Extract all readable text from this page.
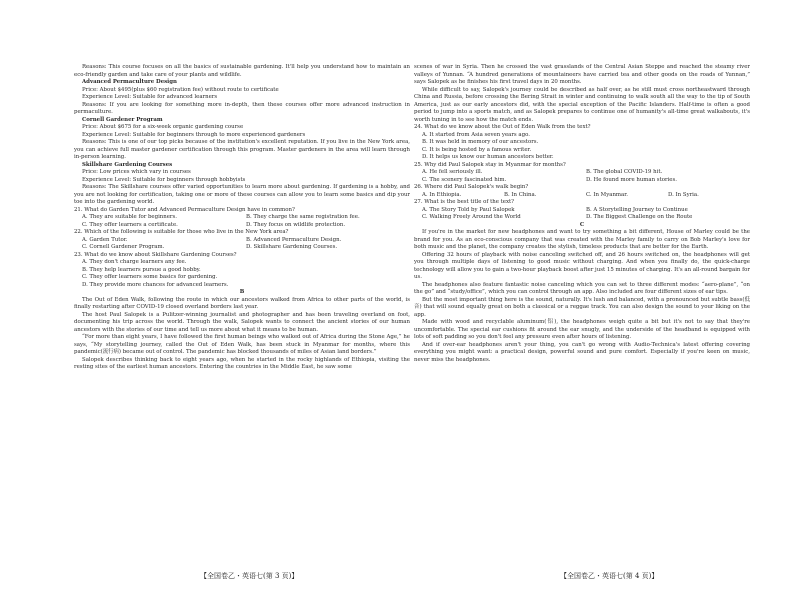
Reasons: This course focuses on all the basics of sustainable gardening. It'll help you understand how to maintain an eco-friendly garden and take care of your plants and wildlife.

Advanced Permaculture Design

Price: About $495(plus $60 registration fee) without route to certificate

Experience Level: Suitable for advanced learners

Reasons: If you are looking for something more in-depth, then these courses offer more advanced instruction in permaculture.

Cornell Gardener Program

Price: About $675 for a six-week organic gardening course

Experience Level: Suitable for beginners through to more experienced gardeners

Reasons: This is one of our top picks because of the institution's excellent reputation. If you live in the New York area, you can achieve full master gardener certification through this program. Master gardeners in the area will learn through in-person learning.

Skillshare Gardening Courses

Price: Low prices which vary in courses

Experience Level: Suitable for beginners through hobbyists

Reasons: The Skillshare courses offer varied opportunities to learn more about gardening. If gardening is a hobby, and you are not looking for certification, taking one or more of these courses can allow you to learn some basics and dip your toe into the gardening world.

21. What do Garden Tutor and Advanced Permaculture Design have in common?

A. They are suitable for beginners.	B. They charge the same registration fee.
C. They offer learners a certificate.	D. They focus on wildlife protection.

22. Which of the following is suitable for those who live in the New York area?

A. Garden Tutor.	B. Advanced Permaculture Design.
C. Cornell Gardener Program.	D. Skillshare Gardening Courses.

23. What do we know about Skillshare Gardening Courses?

A. They don't charge learners any fee.

B. They help learners pursue a good hobby.

C. They offer learners some basics for gardening.

D. They provide more chances for advanced learners.

B

The Out of Eden Walk, following the route in which our ancestors walked from Africa to other parts of the world, is finally restarting after COVID-19 closed overland borders last year.

The host Paul Salopek is a Pulitzer-winning journalist and photographer and has been traveling overland on foot, documenting his trip across the world. Through the walk, Salopek wants to connect the ancient stories of our human ancestors with the stories of our time and tell us more about what it means to be human.

“For more than eight years, I have followed the first human beings who walked out of Africa during the Stone Age,” he says, “My storytelling journey, called the Out of Eden Walk, has been stuck in Myanmar for months, where this pandemic(流行病) became out of control. The pandemic has blocked thousands of miles of Asian land borders.”

Salopek describes thinking back to eight years ago, when he started in the rocky highlands of Ethiopia, visiting the resting sites of the earliest human ancestors. Entering the countries in the Middle East, he saw some

scenes of war in Syria. Then he crossed the vast grasslands of the Central Asian Steppe and reached the steamy river valleys of Yunnan. “A hundred generations of mountaineers have carried tea and other goods on the roads of Yunnan,” says Salopek as he finishes his first travel days in 20 months.

While difficult to say, Salopek's journey could be described as half over, as he still must cross northeastward through China and Russia, before crossing the Bering Strait in winter and continuing to walk south all the way to the tip of South America, just as our early ancestors did, with the special exception of the Pacific Islanders. Half-time is often a good period to jump into a sports match, and as Salopek prepares to continue one of humanity's all-time great walkabouts, it's worth tuning in to see how the match ends.

24. What do we know about the Out of Eden Walk from the text?

A. It started from Asia seven years ago.

B. It was held in memory of our ancestors.

C. It is being hosted by a famous writer.

D. It helps us know our human ancestors better.

25. Why did Paul Salopek stay in Myanmar for months?

A. He fell seriously ill.	B. The global COVID-19 hit.
C. The scenery fascinated him.	D. He found more human stories.

26. Where did Paul Salopek's walk begin?

A. In Ethiopia.	B. In China.	C. In Myanmar.	D. In Syria.

27. What is the best title of the text?

A. The Story Told by Paul Salopek	B. A Storytelling Journey to Continue
C. Walking Freely Around the World	D. The Biggest Challenge on the Route

C

If you're in the market for new headphones and want to try something a bit different, House of Marley could be the brand for you. As an eco-conscious company that was created with the Marley family to carry on Bob Marley's love for both music and the planet, the company creates the stylish, timeless products that are better for the Earth.

Offering 32 hours of playback with noise canceling switched off, and 26 hours switched on, the headphones will get you through multiple days of listening to good music without charging. And when you finally do, the quick-charge technology will allow you to gain a two-hour playback boost after just 15 minutes of charging. It's an all-round bargain for us.

The headphones also feature fantastic noise canceling which you can set to three different modes: “aero-plane”, “on the go” and “study/office”, which you can control through an app. Also included are four different sizes of ear tips.

But the most important thing here is the sound, naturally. It's lush and balanced, with a pronounced but subtle bass(低音) that will sound equally great on both a classical or a reggae track. You can also design the sound to your liking on the app.

Made with wood and recyclable aluminum(铝), the headphones weigh quite a bit but it's not to say that they're uncomfortable. The special ear cushions fit around the ear snugly, and the underside of the headband is equipped with lots of soft padding so you don't feel any pressure even after hours of listening.

And if over-ear headphones aren't your thing, you can't go wrong with Audio-Technica's latest offering covering everything you might want: a practical design, powerful sound and pure comfort. Especially if you're keen on music, never miss the headphones.

【全国卷乙・英语七(第 3 页)】	【全国卷乙・英语七(第 4 页)】
